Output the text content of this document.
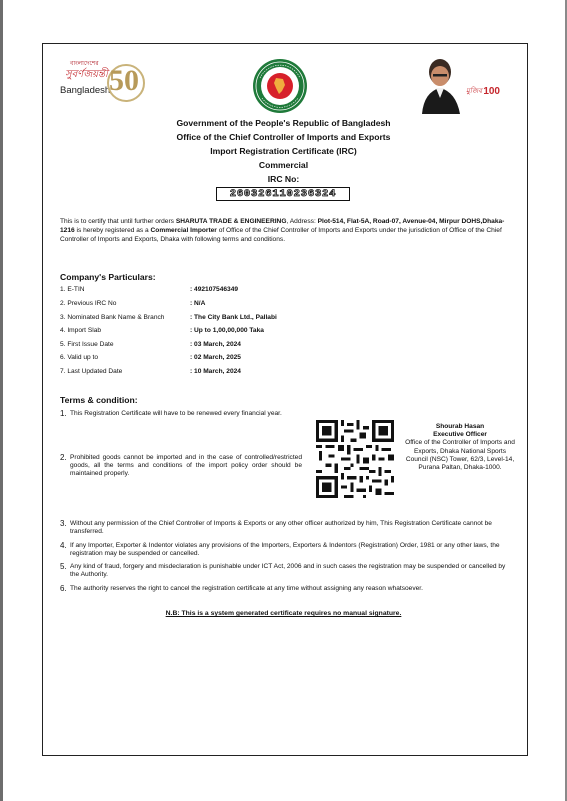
বাংলাদেশের
সুবর্ণজয়ন্তী
Bangladesh
50	মুজিব 100
Government of the People's Republic of Bangladesh
Office of the Chief Controller of Imports and Exports
Import Registration Certificate (IRC)
Commercial
IRC No:
260326110236324
This is to certify that until further orders SHARUTA TRADE & ENGINEERING, Address: Plot-514, Flat-5A, Road-07, Avenue-04, Mirpur DOHS,Dhaka-1216 is hereby registered as a Commercial Importer of Office of the Chief Controller of Imports and Exports under the jurisdiction of Office of the Chief Controller of Imports and Exports, Dhaka with following terms and conditions.
Company's Particulars:
1. E-TIN	: 492107546349
2. Previous IRC No	: N/A
3. Nominated Bank Name & Branch	: The City Bank Ltd., Pallabi
4. Import Slab	: Up to 1,00,00,000 Taka
5. First Issue Date	: 03 March, 2024
6. Valid up to	: 02 March, 2025
7. Last Updated Date	: 10 March, 2024
Terms & condition:
1. This Registration Certificate will have to be renewed every financial year.
2. Prohibited goods cannot be imported and in the case of controlled/restricted goods, all the terms and conditions of the import policy order should be maintained properly.
Shourab Hasan
Executive Officer
Office of the Controller of Imports and Exports, Dhaka National Sports Council (NSC) Tower, 62/3, Level-14, Purana Paltan, Dhaka-1000.
3. Without any permission of the Chief Controller of Imports & Exports or any other officer authorized by him, This Registration Certificate cannot be transferred.
4. If any Importer, Exporter & Indentor violates any provisions of the Importers, Exporters & Indentors (Registration) Order, 1981 or any other laws, the registration may be suspended or cancelled.
5. Any kind of fraud, forgery and misdeclaration is punishable under ICT Act, 2006 and in such cases the registration may be suspended or cancelled by the Authority.
6. The authority reserves the right to cancel the registration certificate at any time without assigning any reason whatsoever.
N.B: This is a system generated certificate requires no manual signature.
